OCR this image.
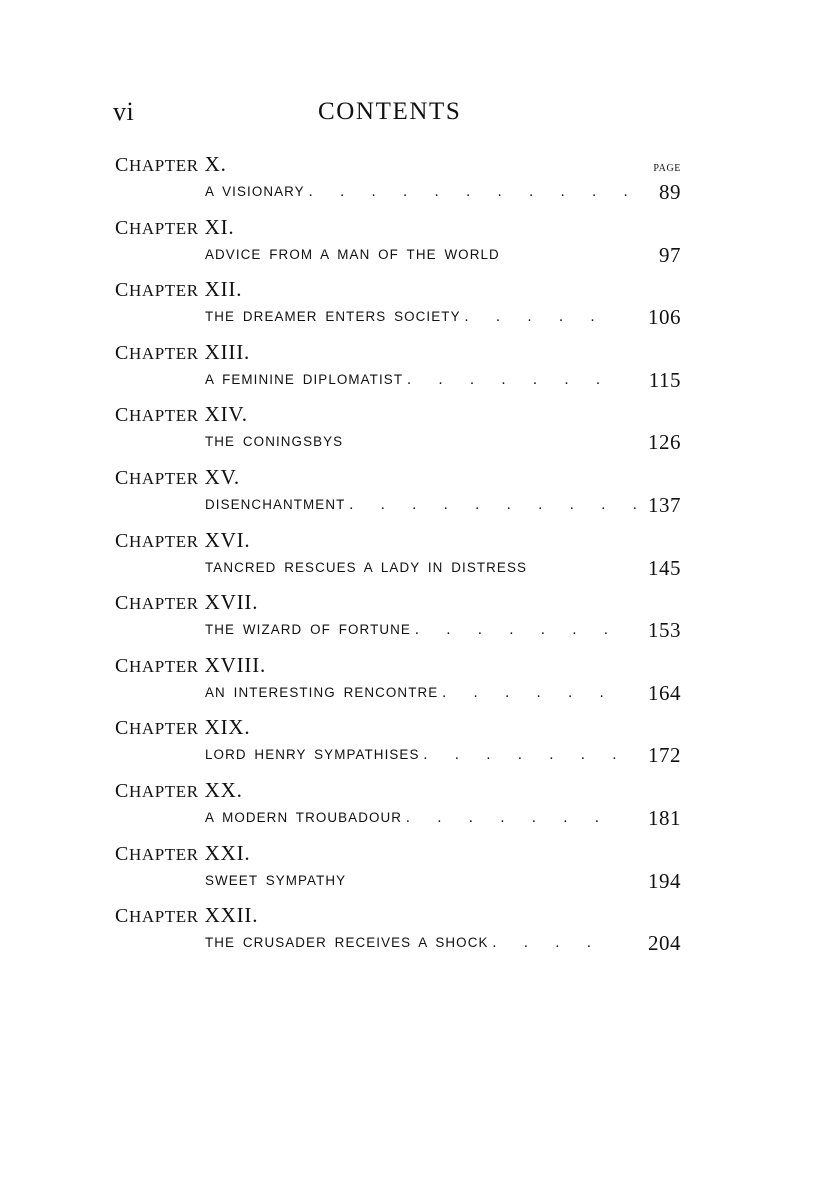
vi	CONTENTS
PAGE
CHAPTER X.
A VISIONARY . . . . . . . . . . . 89
CHAPTER XI.
ADVICE FROM A MAN OF THE WORLD	97
CHAPTER XII.
THE DREAMER ENTERS SOCIETY . . . . . 106
CHAPTER XIII.
A FEMININE DIPLOMATIST . . . . . . . 115
CHAPTER XIV.
THE CONINGSBYS	126
CHAPTER XV.
DISENCHANTMENT . . . . . . . . . . 137
CHAPTER XVI.
TANCRED RESCUES A LADY IN DISTRESS	145
CHAPTER XVII.
THE WIZARD OF FORTUNE . . . . . . . 153
CHAPTER XVIII.
AN INTERESTING RENCONTRE . . . . . . 164
CHAPTER XIX.
LORD HENRY SYMPATHISES . . . . . . . 172
CHAPTER XX.
A MODERN TROUBADOUR . . . . . . . 181
CHAPTER XXI.
SWEET SYMPATHY	194
CHAPTER XXII.
THE CRUSADER RECEIVES A SHOCK . . . . 204
